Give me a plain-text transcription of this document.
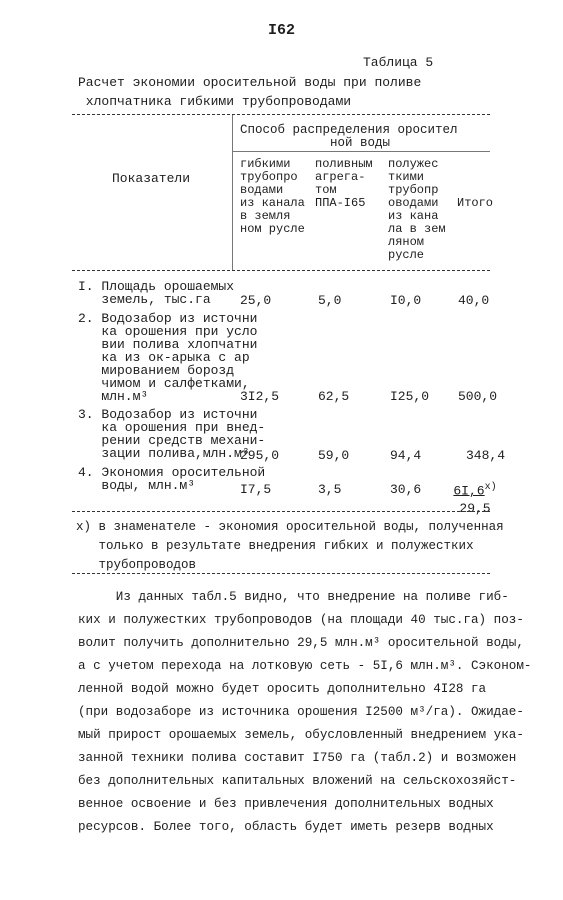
I62
Таблица 5
Расчет экономии оросительной воды при поливе
хлопчатника гибкими трубопроводами
Способ распределения оросител
ной воды
Показатели
гибкими
трубопро
водами
из канала
в земля
ном русле
поливным
агрега-
том
ППА-I65
полужес
ткими
трубопр
оводами
из кана
ла в зем
ляном
русле
Итого
I. Площадь орошаемых
земель, тыс.га	25,0	5,0	I0,0	40,0
2. Водозабор из источни
ка орошения при усло
вии полива хлопчатни
ка из ок-арыка с ар
мированием борозд
чимом и салфетками,
млн.м³	3I2,5	62,5	I25,0 500,0
3. Водозабор из источни
ка орошения при внед-
рении средств механи-
зации полива,млн.м³
295,0	59,0	94,4	348,4
4. Экономия оросительной
воды, млн.м³	I7,5	3,5	30,6 6I,6$^{x)}$
29,5
x) в знаменателе - экономия оросительной воды, полученная
только в результате внедрения гибких и полужестких
трубопроводов
Из данных табл.5 видно, что внедрение на поливе гиб-
ких и полужестких трубопроводов (на площади 40 тыс.га) поз-
волит получить дополнительно 29,5 млн.м³ оросительной воды,
а с учетом перехода на лотковую сеть - 5I,6 млн.м³. Сэконом-
ленной водой можно будет оросить дополнительно 4I28 га
(при водозаборе из источника орошения I2500 м³/га). Ожидае-
мый прирост орошаемых земель, обусловленный внедрением ука-
занной техники полива составит I750 га (табл.2) и возможен
без дополнительных капитальных вложений на сельскохозяйст-
венное освоение и без привлечения дополнительных водных
ресурсов. Более того, область будет иметь резерв водных
